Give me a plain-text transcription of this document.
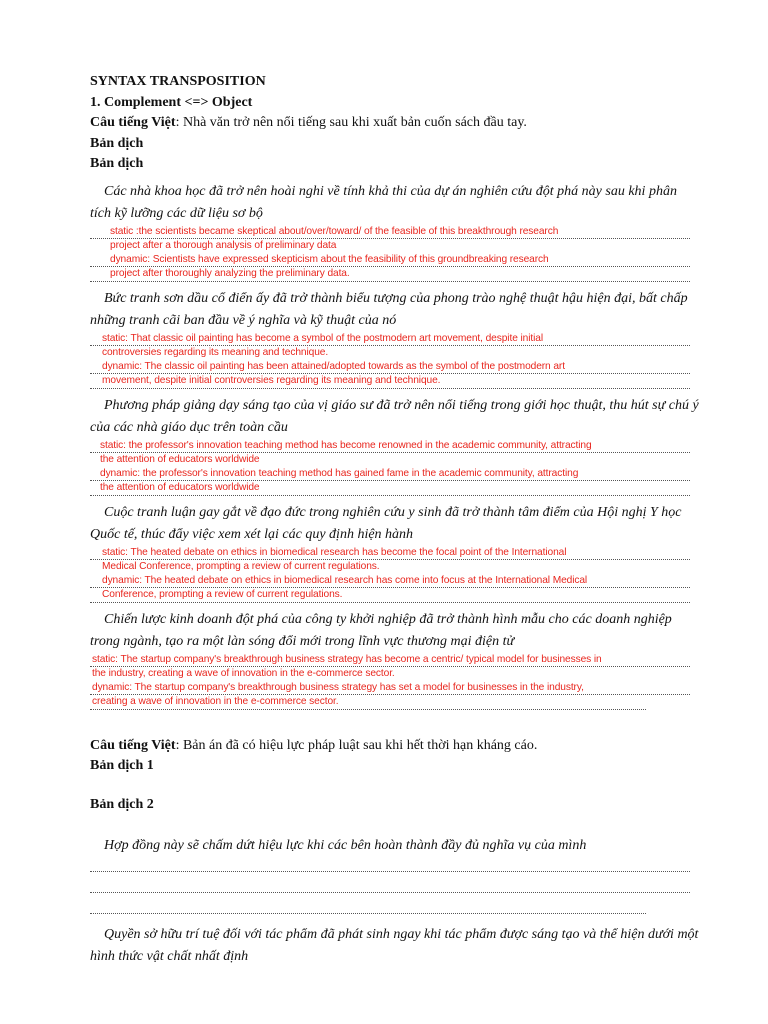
SYNTAX TRANSPOSITION
1. Complement <=> Object
Câu tiếng Việt: Nhà văn trở nên nổi tiếng sau khi xuất bản cuốn sách đầu tay.
Bản dịch
Bản dịch

Các nhà khoa học đã trở nên hoài nghi về tính khả thi của dự án nghiên cứu đột phá này sau khi phân tích kỹ lưỡng các dữ liệu sơ bộ

static :the scientists became skeptical about/over/toward/ of the feasible of this breakthrough research
project after a thorough analysis of preliminary data
dynamic: Scientists have expressed skepticism about the feasibility of this groundbreaking research
project after thoroughly analyzing the preliminary data.

Bức tranh sơn dầu cổ điển ấy đã trở thành biểu tượng của phong trào nghệ thuật hậu hiện đại, bất chấp những tranh cãi ban đầu về ý nghĩa và kỹ thuật của nó

static: That classic oil painting has become a symbol of the postmodern art movement, despite initial
controversies regarding its meaning and technique.
dynamic: The classic oil painting has been attained/adopted towards as the symbol of the postmodern art
movement, despite initial controversies regarding its meaning and technique.

Phương pháp giảng dạy sáng tạo của vị giáo sư đã trở nên nổi tiếng trong giới học thuật, thu hút sự chú ý của các nhà giáo dục trên toàn cầu

static: the professor's innovation teaching method has become renowned in the academic community, attracting
the attention of educators worldwide
dynamic: the professor's innovation teaching method has gained fame in the academic community, attracting
the attention of educators worldwide

Cuộc tranh luận gay gắt về đạo đức trong nghiên cứu y sinh đã trở thành tâm điểm của Hội nghị Y học Quốc tế, thúc đẩy việc xem xét lại các quy định hiện hành

static: The heated debate on ethics in biomedical research has become the focal point of the International
Medical Conference, prompting a review of current regulations.
dynamic: The heated debate on ethics in biomedical research has come into focus at the International Medical
Conference, prompting a review of current regulations.

Chiến lược kinh doanh đột phá của công ty khởi nghiệp đã trở thành hình mẫu cho các doanh nghiệp trong ngành, tạo ra một làn sóng đổi mới trong lĩnh vực thương mại điện tử

static: The startup company's breakthrough business strategy has become a centric/ typical model for businesses in
the industry, creating a wave of innovation in the e-commerce sector.
dynamic: The startup company's breakthrough business strategy has set a model for businesses in the industry,
creating a wave of innovation in the e-commerce sector.
Câu tiếng Việt: Bản án đã có hiệu lực pháp luật sau khi hết thời hạn kháng cáo.
Bản dịch 1
Bản dịch 2

Hợp đồng này sẽ chấm dứt hiệu lực khi các bên hoàn thành đầy đủ nghĩa vụ của mình

Quyền sở hữu trí tuệ đối với tác phẩm đã phát sinh ngay khi tác phẩm được sáng tạo và thể hiện dưới một hình thức vật chất nhất định
